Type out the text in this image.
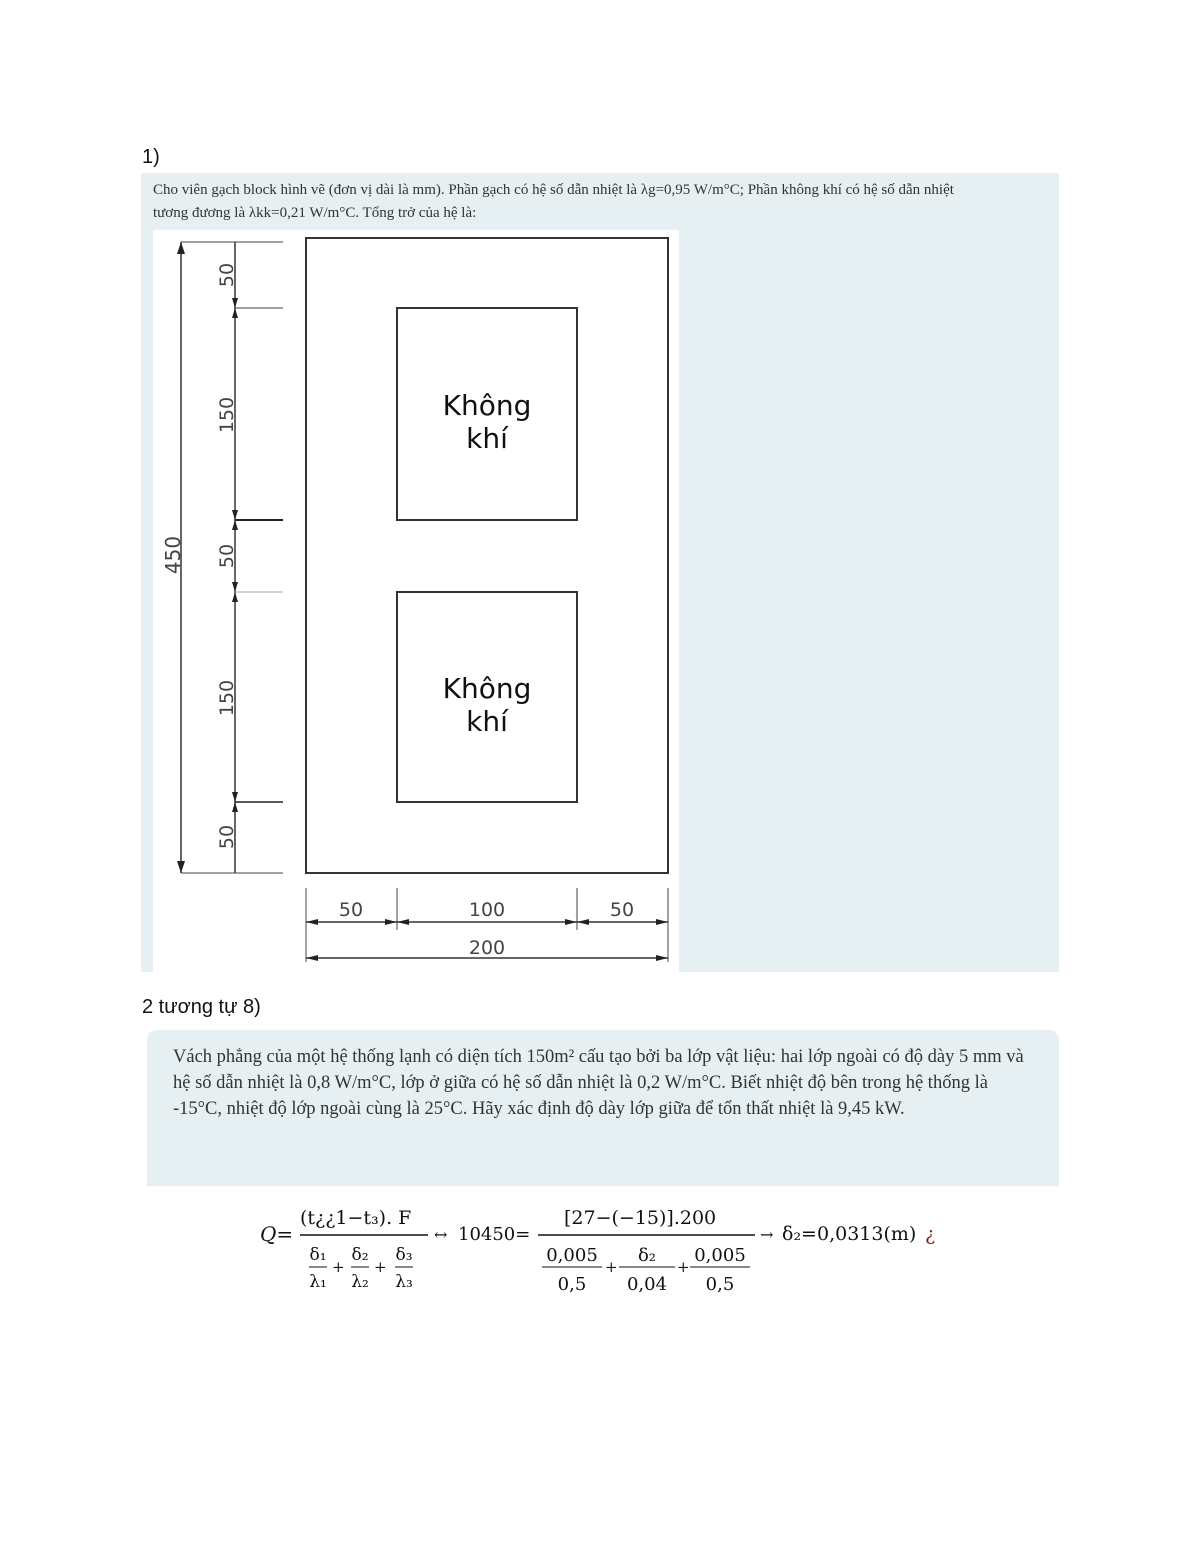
1)
Cho viên gạch block hình vẽ (đơn vị dài là mm). Phần gạch có hệ số dẫn nhiệt là λg=0,95 W/m°C; Phần không khí có hệ số dẫn nhiệt
tương đương là λkk=0,21 W/m°C. Tổng trở của hệ là:
Không
khí
Không
khí
450
50
150
50
150
50
50	100	50
200
2 tương tự 8)
Vách phẳng của một hệ thống lạnh có diện tích 150m² cấu tạo bởi ba lớp vật liệu: hai lớp ngoài có độ dày 5 mm và hệ số dẫn nhiệt là 0,8 W/m°C, lớp ở giữa có hệ số dẫn nhiệt là 0,2 W/m°C. Biết nhiệt độ bên trong hệ thống là -15°C, nhiệt độ lớp ngoài cùng là 25°C. Hãy xác định độ dày lớp giữa để tổn thất nhiệt là 9,45 kW.
Q=
(t¿¿1−t₃). F
δ₁
λ₁
+
δ₂
λ₂
+
δ₃
λ₃
↔ 10450=
[27−(−15)].200
0,005
0,5
+
δ₂
0,04
+
0,005
0,5
→ δ₂=0,0313(m) ¿
